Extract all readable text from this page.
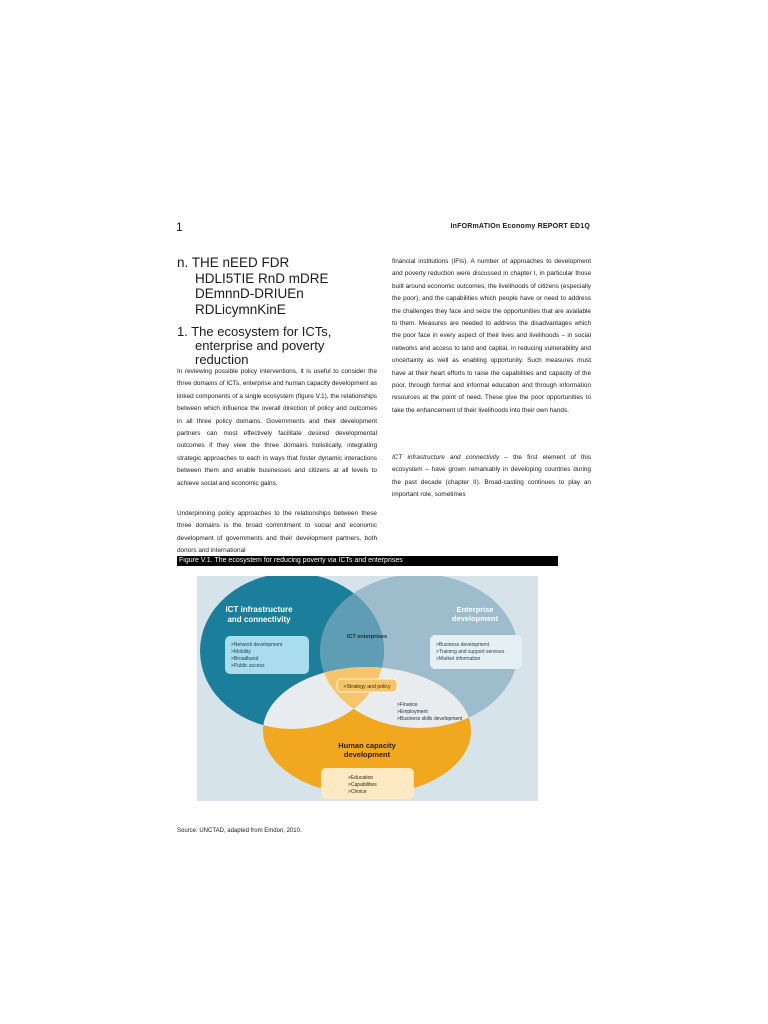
1	InFORmATIOn Economy REPORT ED1Q
n. THE nEED FDR
HDLI5TIE RnD mDRE
DEmnnD-DRIUEn
RDLicymnKinE
1. The ecosystem for ICTs,
enterprise and poverty
reduction

In reviewing possible policy interventions, it is useful to consider the three domains of ICTs, enterprise and human capacity development as linked components of a single ecosystem (figure V.1), the relationships between which influence the overall direction of policy and outcomes in all three policy domains. Governments and their development partners can most effectively facilitate desired developmental outcomes if they view the three domains holistically, integrating strategic approaches to each in ways that foster dynamic interactions between them and enable businesses and citizens at all levels to achieve social and economic gains.

Underpinning policy approaches to the relationships between these three domains is the broad commitment to social and economic development of governments and their development partners, both donors and international

financial institutions (IFIs). A number of approaches to development and poverty reduction were discussed in chapter I, in particular those built around economic outcomes, the livelihoods of citizens (especially the poor), and the capabilities which people have or need to address the challenges they face and seize the opportunities that are available to them. Measures are needed to address the disadvantages which the poor face in every aspect of their lives and livelihoods – in social networks and access to land and capital, in reducing vulnerability and uncertainty as well as enabling opportunity. Such measures must have at their heart efforts to raise the capabilities and capacity of the poor, through formal and informal education and through information resources at the point of need. These give the poor opportunities to take the enhancement of their livelihoods into their own hands.

ICT infrastructure and connectivity – the first element of this ecosystem – have grown remarkably in developing countries during the past decade (chapter II). Broad-casting continues to play an important role, sometimes

Figure V.1. The ecosystem for reducing poverty via ICTs and enterprises
ICT infrastructure
and connectivity
>Network development
>Mobility
>Broadband
>Public access
Enterprise
development
>Business development
>Training and support services
>Market information
ICT enterprises
>Strategy and policy
>Finance
>Employment
>Business skills development
Human capacity
development
>Education
>Capabilities
>Choice
Source: UNCTAD, adapted from Emdon, 2010.
